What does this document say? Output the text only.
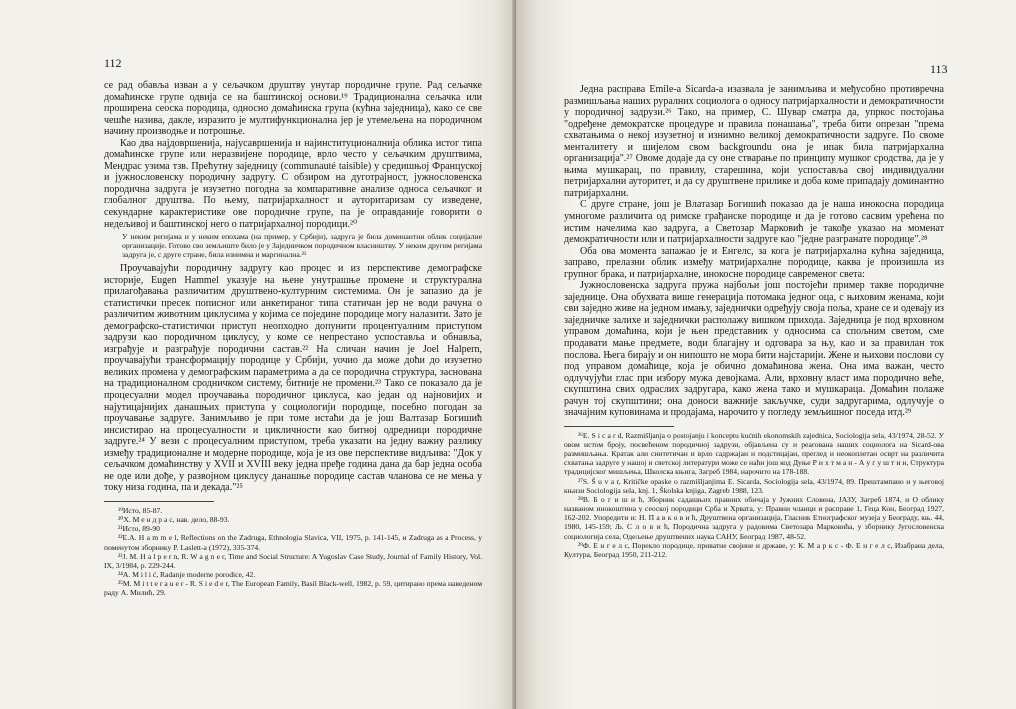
112

се рад обавља изван а у сељачком друштву унутар породичне групе. Рад сељачке домаћинске групе одвија се на баштинској основи.¹⁹ Традиционална сељачка или проширена сеоска породица, односно домаћинска група (кућна заједница), како се све чешће назива, дакле, изразито је мултифункционална јер је утемељена на породичном начину производње и потрошње.

Као два најдовршенија, најусавршенија и најинституционалнија облика истог типа домаћинске групе или неразвијене породице, врло често у сељачким друштвима, Мендрас узима тзв. Прећутну заједницу (communauté taisible) у средишњој Француској и јужнословенску породичну задругу. С обзиром на дуготрајност, јужнословенска породична задруга је изузетно погодна за компаративне анализе односа сељачког и глобалног друштва. По њему, патријархалност и ауторитаризам су изведене, секундарне карактеристике ове породичне групе, па је оправданије говорити о недељивој и баштинској него о патријархалној породици.²⁰

У неким регијама и у неким епохама (на пример, у Србији), задруга је била доминантни облик социјалне организације. Готово сво земљиште било је у Заједничком породичном власништву. У неким другим регијама задруга је, с друге стране, била изнимна и маргинална.²¹

Проучавајући породичну задругу као процес и из перспективе демографске историје, Eugen Hammel указује на њене унутрашње промене и структурална прилагођавања различитим друштвено-културним системима. Он је запазио да је статистички пресек пописног или анкетираног типа статичан јер не води рачуна о различитим животним циклусима у којима се поједине породице могу налазити. Зато је демографско-статистички приступ неопходно допунити процентуалним приступом задрузи као породичном циклусу, у коме се непрестано успоставља и обнавља, изграђује и разграђује породични састав.²² На сличан начин је Joel Halpern, проучавајући трансформацију породице у Србији, уочио да може доћи до изузетно великих промена у демографским параметрима а да се породична структура, заснована на традиционалном сродничком систему, битније не промени.²³ Тако се показало да је процесуални модел проучавања породичног циклуса, као један од најновијих и најутицајнијих данашњих приступа у социологији породице, посебно погодан за проучавање задруге. Занимљиво је при томе истаћи да је још Валтазар Богишић инсистирао на процесуалности и цикличности као битној одредници породичне задруге.²⁴ У вези с процесуалним приступом, треба указати на једну важну разлику између традиционалне и модерне породице, која је из ове перспективе видљива: "Док у сељачком домаћинству у XVII и XVIII веку једна пређе година дана да бар једна особа не оде или дође, у развојном циклусу данашње породице састав чланова се не мења у току низа година, па и декада."²⁵

¹⁹Исто, 85-87.

²⁰Х. М е н д р а с, нав. дело, 88-93.

²¹Исто, 89-90

²²E.A. H a m m e l, Reflections on the Zadruga, Ethnologia Slavica, VII, 1975, p. 141-145, и Zadruga as a Process, у поменутом зборнику P. Laslett-a (1972), 335-374.

²³J. M. H a l p e r n, R. W a g n e r, Time and Social Structure: A Yugoslav Case Study, Journal of Family History, Vol. IX, 3/1984, p. 229-244.

²⁴A. M i l i ć, Radanje moderne porodice, 42.

²⁵M. M i t t e r a u e r - R. S i e d e r, The European Family, Basil Black-well, 1982, p. 59, цитирано према наведеном раду А. Милић, 29.

113

Једна расправа Emile-a Sicarda-a изазвала је занимљива и међусобно противречна размишљања наших руралних социолога о односу патријархалности и демократичности у породичној задрузи.²⁶ Тако, на пример, С. Шувар сматра да, упркос постојања "одређене демократске процедуре и правила понашања", треба бити опрезан "према схватањима о некој изузетној и изнимно великој демократичности задруге. По своме менталитету и шијелом свом backgroundu она је ипак била патријархална организација".²⁷ Овоме додаје да су оне стварање по принципу мушког сродства, да је у њима мушкарац, по правилу, старешина, који успоставља свој индивидуални петријархални ауторитет, и да су друштвене прилике и доба коме припадају доминантно патријархални.

С друге стране, још је Влатазар Богишић показао да је наша инокосна породица умногоме различита од римске грађанске породице и да је готово сасвим урећена по истим начелима као задруга, а Светозар Марковић је такође указао на моменат демократичности или и патријархалности задруге као "једне разгранате породице".²⁸

Оба ова момента запажао је и Енгелс, за кога је патријархална кућна заједница, заправо, прелазни облик између матријархалне породице, каква је произишла из групног брака, и патријархалне, инокосне породице савременог света:

Јужнословенска задруга пружа најбољи још постојећи пример такве породичне заједнице. Она обухвата више генерација потомака једног оца, с њиховим женама, који сви заједно живе на једном имању, заједнички одређују своја поља, хране се и одевају из заједничке залихе и заједнички располажу вишком прихода. Заједница је под врховном управом домаћина, који је њен представник у односима са спољним светом, сме продавати мање предмете, води благајну и одговара за њу, као и за правилан ток послова. Њега бирају и он нипошто не мора бити најстарији. Жене и њихови послови су под управом домаћице, која је обично домаћинова жена. Она има важан, често одлучујући глас при избору мужа девојкама. Али, врховну власт има породично веће, скупштина свих одраслих задругара, како жена тако и мушкараца. Домаћин полаже рачун тој скупштини; она доноси важније закључке, суди задругарима, одлучује о значајним куповинама и продајама, нарочито у погледу земљишног поседа итд.²⁹

²⁶E. S i c a r d, Razmišljanja o postojanju i konceptu kućnih ekonomskih zajednica, Sociologija sela, 43/1974, 28-52. У овом истом броју, посвећеном породичној задрузи, објављена су и реагована наших социолога на Sicard-ова размишљања. Кратак али синтетичан и врло садржајан и подстицајан, преглед и неокоплетан осврт на различита схватања задруге у нашој и светској литератури може се наћи још код Дуње Р и х т м а н - А у г у ш т и н, Структура традицијског мишљења, Школска књига, Загреб 1984, нарочито на 178-188.

²⁷S. Š u v a r, Kritičke opaske o razmišljanjima E. Sicarda, Sociologija sela, 43/1974, 89. Прештампано и у његовој књизи Sociologija sela, knj. 1, Školska knjiga, Zagreb 1988, 123.

²⁸В. Б о г и ш и ћ, Зборник садашњих правних обичаја у Јужних Словена, ЈАЗУ, Загреб 1874, и О облику названом инокоштина у сеоској породици Срба и Хрвата, у: Правни чланци и расправе 1, Геца Кон, Београд 1927, 162-202. Упоредити и: Н. П а в к о в и ћ, Друштвена организација, Гласник Етнографског музеја у Београду, књ. 44, 1980, 145-159; Љ. С л о в и ћ, Породична задруга у радовима Светозара Марковића, у зборнику Југословенска социологија села, Одељење друштвених наука САНУ, Београд 1987, 48-52.

²⁹Ф. Е н г е л с, Порекло породице, приватне својине и државе, у: К. М а р к с - Ф. Е н г е л с, Изабрана дела, Култура, Београд 1950, 211-212.
